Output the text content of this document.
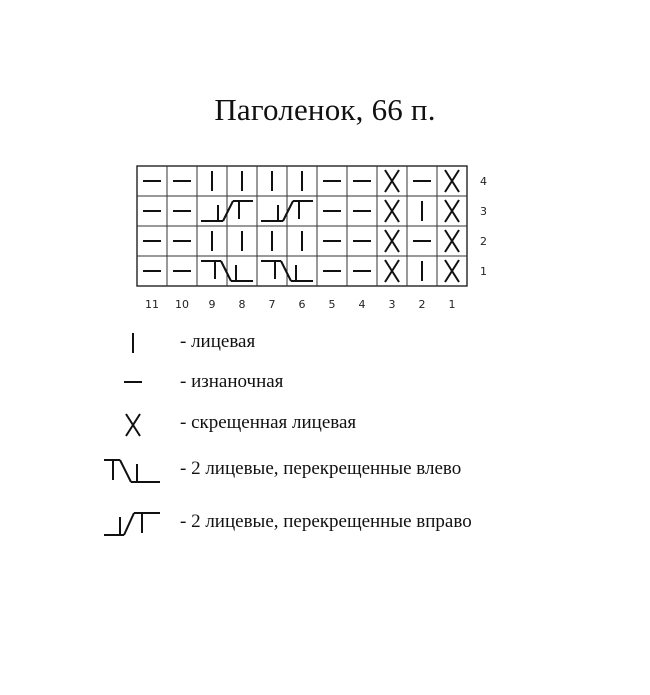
Паголенок, 66 п.
4
3
2
1
11 10 9 8 7 6 5 4 3 2 1
- лицевая
- изнаночная
- скрещенная лицевая
- 2 лицевые, перекрещенные влево
- 2 лицевые, перекрещенные вправо
